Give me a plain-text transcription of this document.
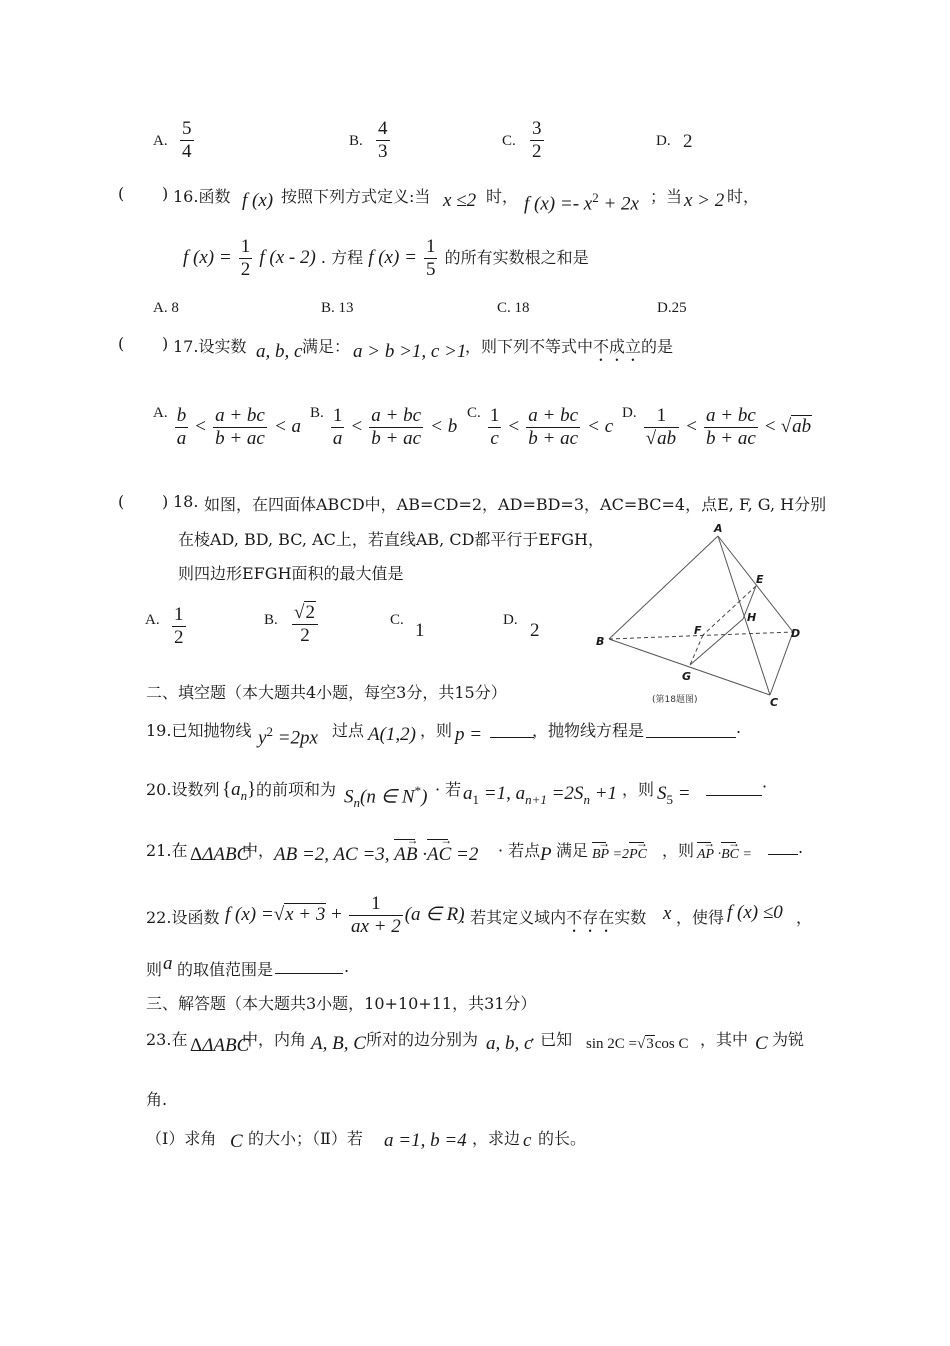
A. $\frac{5}{4}$	B. $\frac{4}{3}$	C. $\frac{3}{2}$	D. 2
( ) 16.函数 f (x) 按照下列方式定义:当 x ≤2 时， f $(x) =- x^2 + 2x$ ；当 x > 2 时，
f $(x) = \frac{1}{2}$ f (x - 2) . 方程 f $(x) = \frac{1}{5}$ 的所有实数根之和是
A. 8	B. 13	C. 18	D.25
( ) 17.设实数 a, b, c 满足： a > b >1, c >1
，则下列不等式中不成立的是
A. $\frac{b}{a} < \frac{a + bc}{b + ac} < a$
B. $\frac{1}{a} < \frac{a + bc}{b + ac} < b$
C. $\frac{1}{c} < \frac{a + bc}{b + ac} < c$
D. $\frac{1}{√ab} < \frac{a + bc}{b + ac} < √ab$
( ) 18. 如图，在四面体ABCD中，AB=CD=2，AD=BD=3，AC=BC=4，点E, F, G, H分别
在棱AD, BD, BC, AC上，若直线AB, CD都平行于EFGH，
则四边形EFGH面积的最大值是
A. $\frac{1}{2}$	B. $\frac{√2}{2}$	C. 1	D. 2
A
B
C
D
E
F
G
H
(第18题图)
二、填空题（本大题共4小题，每空3分，共15分）
19.已知抛物线 $y^2 =2px$ 过点 A(1,2) ，则 p =	，抛物线方程是	.
20.设数列 $\{a_n\}$ 的前项和为 $S_n(n$ ∈ N*) · 若 $a_1 =1$, $a_{n+1} =2S_n +1$ ，则 $S_5$ =	·
21.在 ΔΔABC
中， AB =2, AC =3, → AB ·→ AC =2 · 若点 P 满足 → BP =2→ PC ，则 → AP ·→ BC =	.
22.设函数 f $(x) =√x + 3 + \frac{1}{ax + 2} (a$ ∈ R)
. 若其定义域内不存在实数 x ，使得 f (x) ≤0 ，
则 a 的取值范围是	.
三、解答题（本大题共3小题，10+10+11，共31分）
23.在 ΔΔABC
中，内角 A, B, C 所对的边分别为 a, b, c
· 已知 sin 2C =√3cos C ，其中 C 为锐
角.
（Ⅰ）求角 C 的大小；（Ⅱ）若 a =1, b =4 ，求边 c 的长。
